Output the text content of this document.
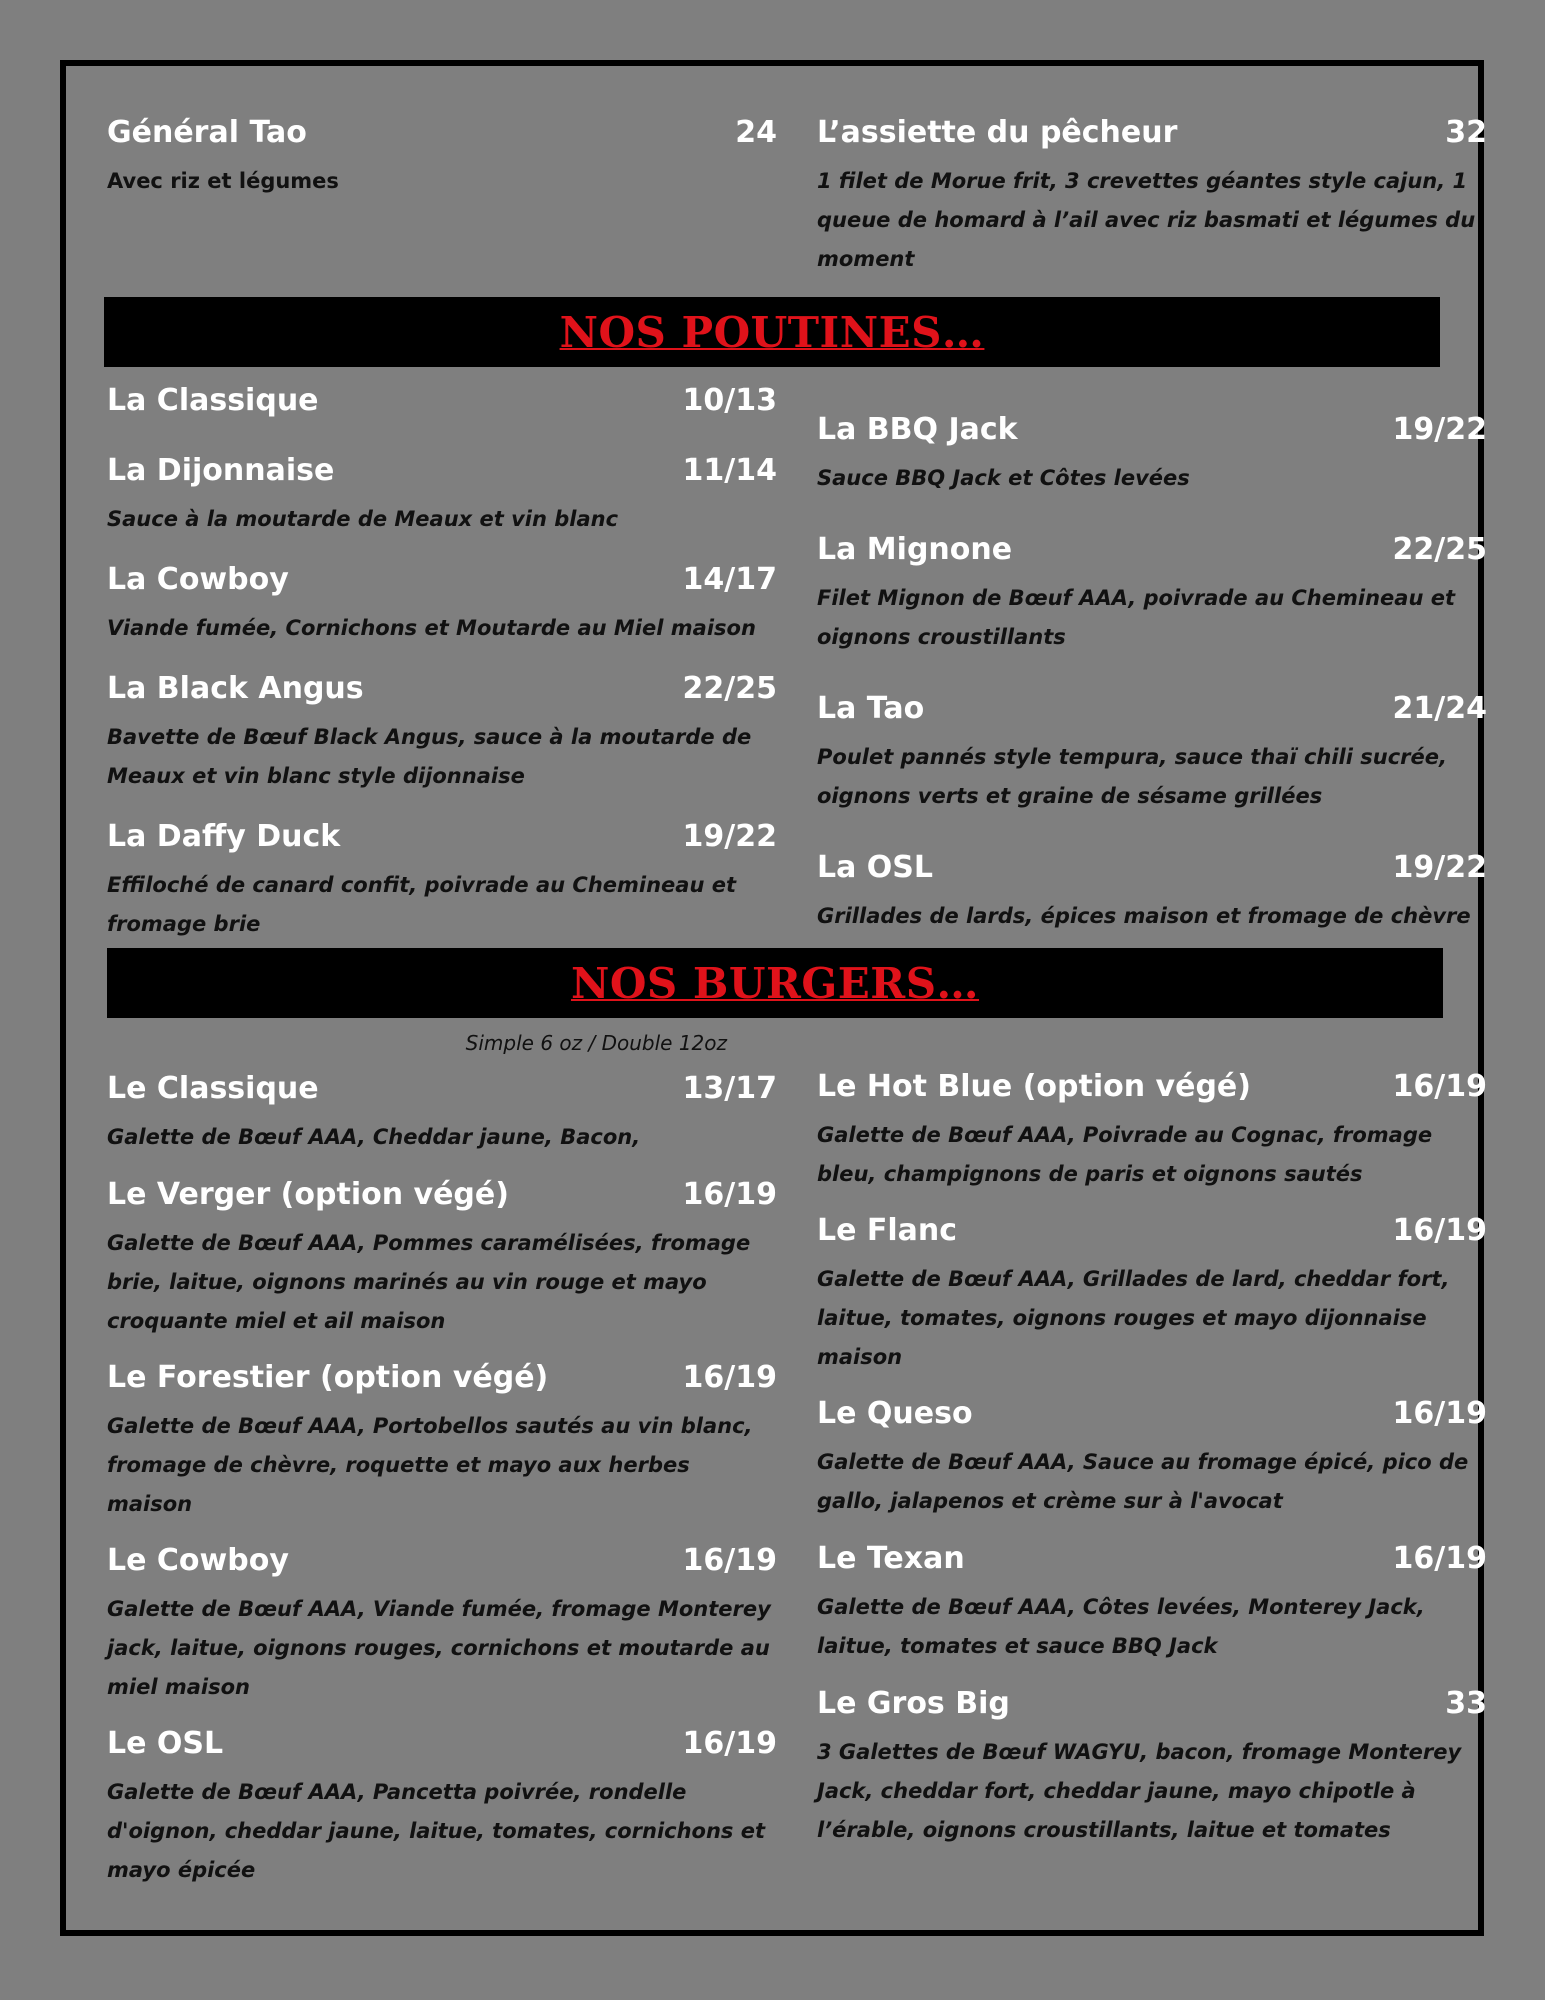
Général Tao	24
Avec riz et légumes
L’assiette du pêcheur	32
1 filet de Morue frit, 3 crevettes géantes style cajun, 1 queue de homard à l’ail avec riz basmati et légumes du moment
NOS POUTINES…
La Classique	10/13
La Dijonnaise	11/14
Sauce à la moutarde de Meaux et vin blanc
La Cowboy	14/17
Viande fumée, Cornichons et Moutarde au Miel maison
La Black Angus	22/25
Bavette de Bœuf Black Angus, sauce à la moutarde de Meaux et vin blanc style dijonnaise
La Daffy Duck	19/22
Effiloché de canard confit, poivrade au Chemineau et fromage brie
La BBQ Jack	19/22
Sauce BBQ Jack et Côtes levées
La Mignone	22/25
Filet Mignon de Bœuf AAA, poivrade au Chemineau et oignons croustillants
La Tao	21/24
Poulet pannés style tempura, sauce thaï chili sucrée, oignons verts et graine de sésame grillées
La OSL	19/22
Grillades de lards, épices maison et fromage de chèvre
NOS BURGERS…
Simple 6 oz / Double 12oz
Le Classique	13/17
Galette de Bœuf AAA, Cheddar jaune, Bacon,
Le Verger (option végé)	16/19
Galette de Bœuf AAA, Pommes caramélisées, fromage brie, laitue, oignons marinés au vin rouge et mayo croquante miel et ail maison
Le Forestier (option végé)	16/19
Galette de Bœuf AAA, Portobellos sautés au vin blanc, fromage de chèvre, roquette et mayo aux herbes maison
Le Cowboy	16/19
Galette de Bœuf AAA, Viande fumée, fromage Monterey jack, laitue, oignons rouges, cornichons et moutarde au miel maison
Le OSL	16/19
Galette de Bœuf AAA, Pancetta poivrée, rondelle d'oignon, cheddar jaune, laitue, tomates, cornichons et mayo épicée
Le Hot Blue (option végé)	16/19
Galette de Bœuf AAA, Poivrade au Cognac, fromage bleu, champignons de paris et oignons sautés
Le Flanc	16/19
Galette de Bœuf AAA, Grillades de lard, cheddar fort, laitue, tomates, oignons rouges et mayo dijonnaise maison
Le Queso	16/19
Galette de Bœuf AAA, Sauce au fromage épicé, pico de gallo, jalapenos et crème sur à l'avocat
Le Texan	16/19
Galette de Bœuf AAA, Côtes levées, Monterey Jack, laitue, tomates et sauce BBQ Jack
Le Gros Big	33
3 Galettes de Bœuf WAGYU, bacon, fromage Monterey Jack, cheddar fort, cheddar jaune, mayo chipotle à l’érable, oignons croustillants, laitue et tomates
